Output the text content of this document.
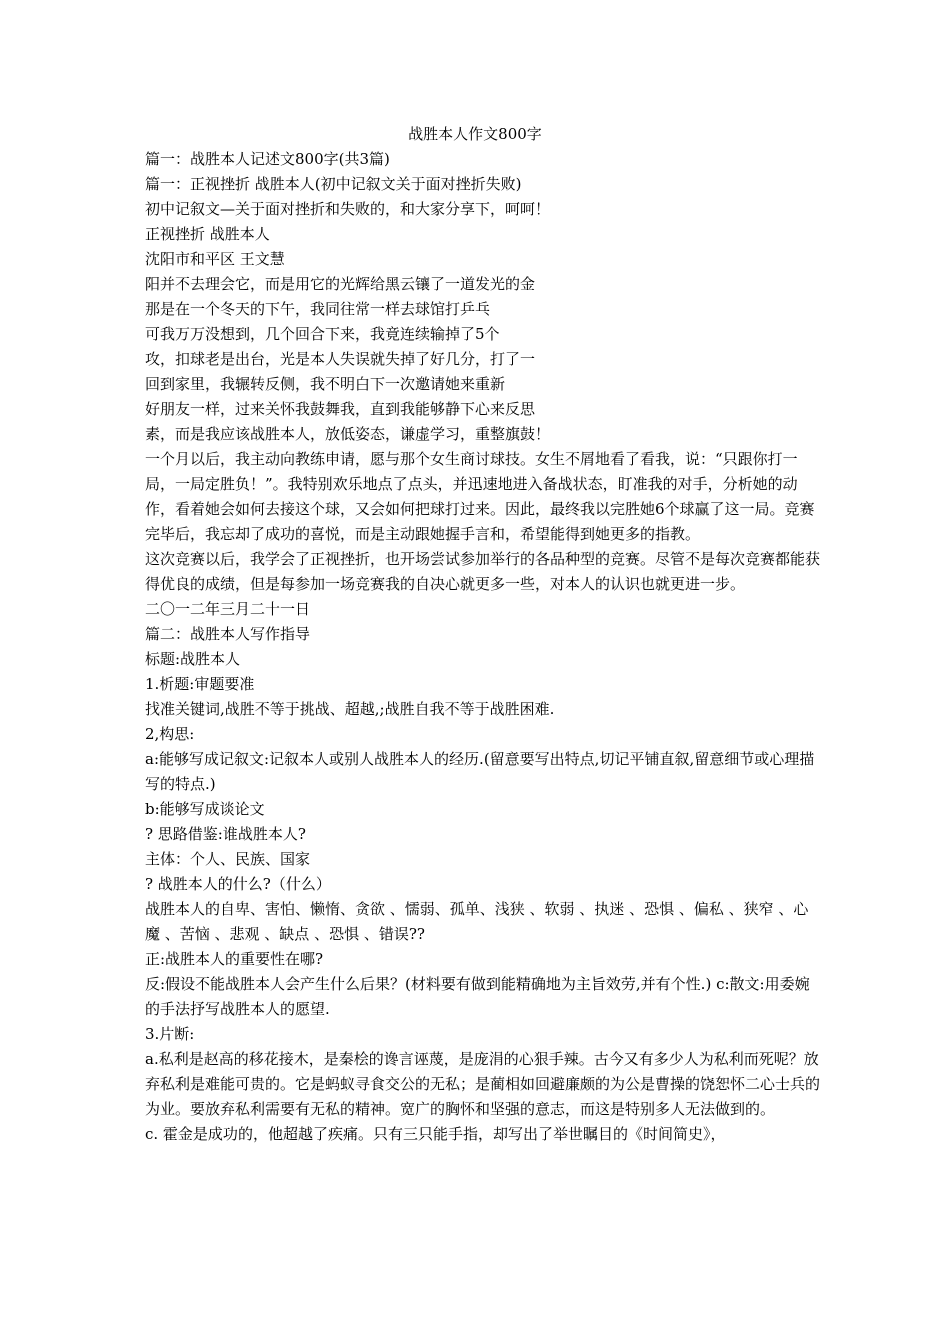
战胜本人作文800字

篇一：战胜本人记述文800字(共3篇)

篇一：正视挫折 战胜本人(初中记叙文关于面对挫折失败)

初中记叙文—关于面对挫折和失败的，和大家分享下，呵呵！

正视挫折 战胜本人

沈阳市和平区 王文慧

阳并不去理会它，而是用它的光辉给黑云镶了一道发光的金

那是在一个冬天的下午，我同往常一样去球馆打乒乓

可我万万没想到，几个回合下来，我竟连续输掉了5个

攻，扣球老是出台，光是本人失误就失掉了好几分，打了一

回到家里，我辗转反侧，我不明白下一次邀请她来重新

好朋友一样，过来关怀我鼓舞我，直到我能够静下心来反思

素，而是我应该战胜本人，放低姿态，谦虚学习，重整旗鼓！

一个月以后，我主动向教练申请，愿与那个女生商讨球技。女生不屑地看了看我，说：“只跟你打一局，一局定胜负！”。我特别欢乐地点了点头，并迅速地进入备战状态，盯准我的对手，分析她的动作，看着她会如何去接这个球，又会如何把球打过来。因此，最终我以完胜她6个球赢了这一局。竞赛完毕后，我忘却了成功的喜悦，而是主动跟她握手言和，希望能得到她更多的指教。

这次竞赛以后，我学会了正视挫折，也开场尝试参加举行的各品种型的竞赛。尽管不是每次竞赛都能获得优良的成绩，但是每参加一场竞赛我的自决心就更多一些，对本人的认识也就更进一步。

二〇一二年三月二十一日

篇二：战胜本人写作指导

标题:战胜本人

1.析题:审题要准

找准关键词,战胜不等于挑战、超越,;战胜自我不等于战胜困难.

2,构思:

a:能够写成记叙文:记叙本人或别人战胜本人的经历.(留意要写出特点,切记平铺直叙,留意细节或心理描写的特点.)

b:能够写成谈论文

? 思路借鉴:谁战胜本人?

主体：个人、民族、国家

? 战胜本人的什么?（什么）

战胜本人的自卑、害怕、懒惰、贪欲 、懦弱、孤单、浅狭 、软弱 、执迷 、恐惧 、偏私 、狭窄 、心魔 、苦恼 、悲观 、缺点 、恐惧 、错误??

正:战胜本人的重要性在哪?

反:假设不能战胜本人会产生什么后果？(材料要有做到能精确地为主旨效劳,并有个性.) c:散文:用委婉的手法抒写战胜本人的愿望.

3.片断:

a.私利是赵高的移花接木，是秦桧的谗言诬蔑，是庞涓的心狠手辣。古今又有多少人为私利而死呢？放弃私利是难能可贵的。它是蚂蚁寻食交公的无私；是蔺相如回避廉颇的为公是曹操的饶恕怀二心士兵的为业。要放弃私利需要有无私的精神。宽广的胸怀和坚强的意志，而这是特别多人无法做到的。

c. 霍金是成功的，他超越了疾痛。只有三只能手指，却写出了举世瞩目的《时间简史》，
